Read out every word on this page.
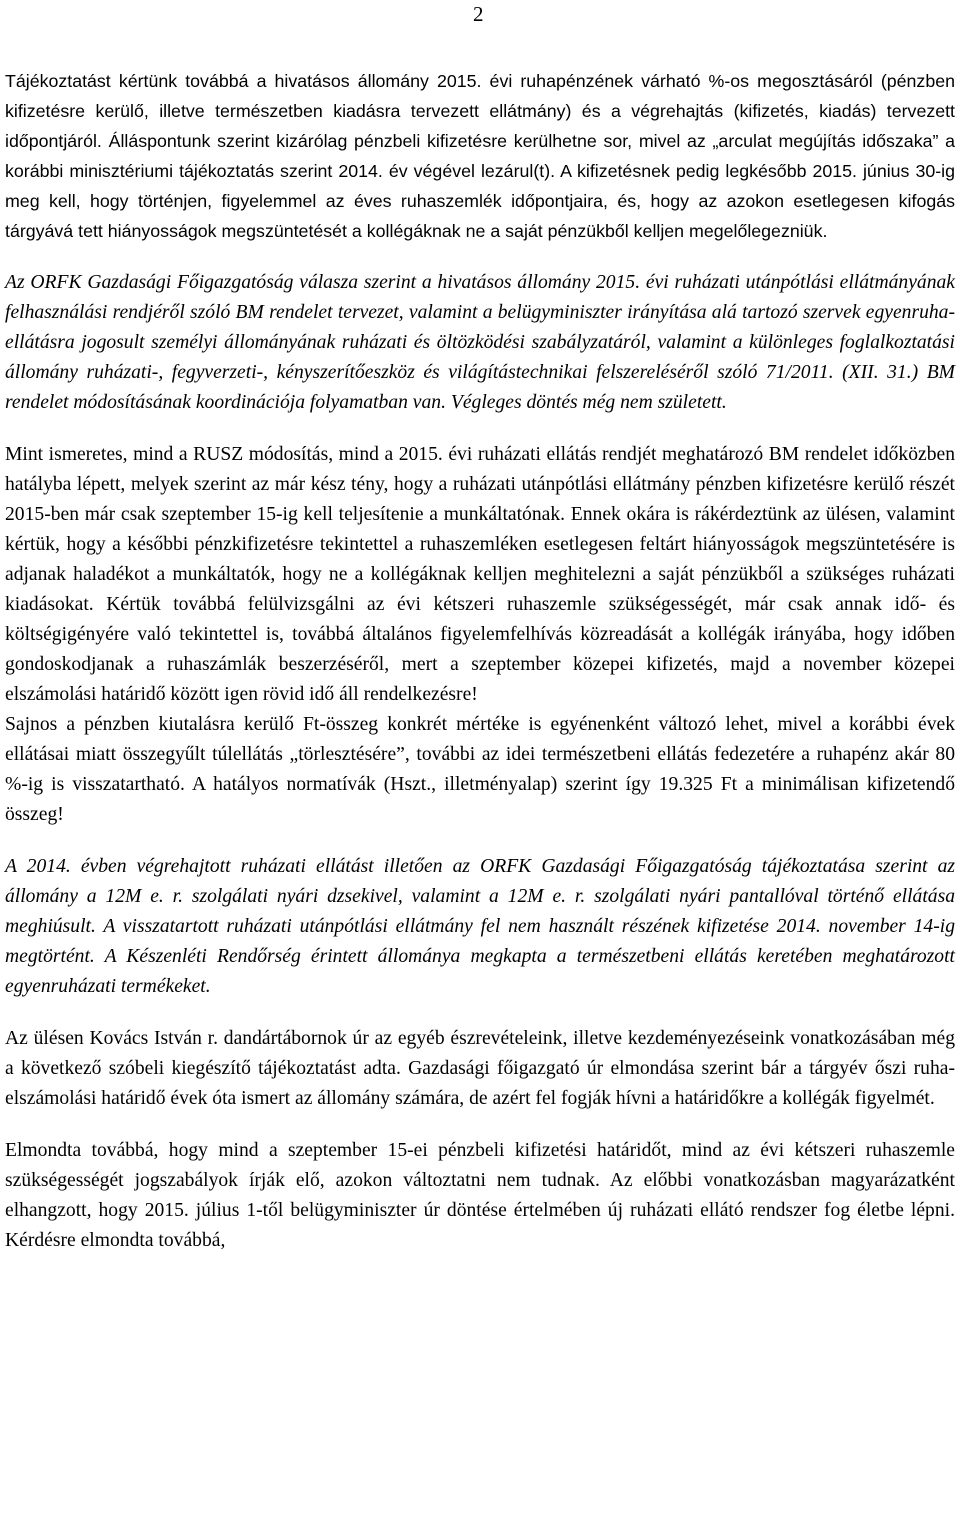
2

Tájékoztatást kértünk továbbá a hivatásos állomány 2015. évi ruhapénzének várható %-os megosztásáról (pénzben kifizetésre kerülő, illetve természetben kiadásra tervezett ellátmány) és a végrehajtás (kifizetés, kiadás) tervezett időpontjáról. Álláspontunk szerint kizárólag pénzbeli kifizetésre kerülhetne sor, mivel az „arculat megújítás időszaka” a korábbi minisztériumi tájékoztatás szerint 2014. év végével lezárul(t). A kifizetésnek pedig legkésőbb 2015. június 30-ig meg kell, hogy történjen, figyelemmel az éves ruhaszemlék időpontjaira, és, hogy az azokon esetlegesen kifogás tárgyává tett hiányosságok megszüntetését a kollégáknak ne a saját pénzükből kelljen megelőlegezniük.

Az ORFK Gazdasági Főigazgatóság válasza szerint a hivatásos állomány 2015. évi ruházati utánpótlási ellátmányának felhasználási rendjéről szóló BM rendelet tervezet, valamint a belügyminiszter irányítása alá tartozó szervek egyenruha-ellátásra jogosult személyi állományának ruházati és öltözködési szabályzatáról, valamint a különleges foglalkoztatási állomány ruházati-, fegyverzeti-, kényszerítőeszköz és világítástechnikai felszereléséről szóló 71/2011. (XII. 31.) BM rendelet módosításának koordinációja folyamatban van. Végleges döntés még nem született.

Mint ismeretes, mind a RUSZ módosítás, mind a 2015. évi ruházati ellátás rendjét meghatározó BM rendelet időközben hatályba lépett, melyek szerint az már kész tény, hogy a ruházati utánpótlási ellátmány pénzben kifizetésre kerülő részét 2015-ben már csak szeptember 15-ig kell teljesítenie a munkáltatónak. Ennek okára is rákérdeztünk az ülésen, valamint kértük, hogy a későbbi pénzkifizetésre tekintettel a ruhaszemléken esetlegesen feltárt hiányosságok megszüntetésére is adjanak haladékot a munkáltatók, hogy ne a kollégáknak kelljen meghitelezni a saját pénzükből a szükséges ruházati kiadásokat. Kértük továbbá felülvizsgálni az évi kétszeri ruhaszemle szükségességét, már csak annak idő- és költségigényére való tekintettel is, továbbá általános figyelemfelhívás közreadását a kollégák irányába, hogy időben gondoskodjanak a ruhaszámlák beszerzéséről, mert a szeptember közepei kifizetés, majd a november közepei elszámolási határidő között igen rövid idő áll rendelkezésre!

Sajnos a pénzben kiutalásra kerülő Ft-összeg konkrét mértéke is egyénenként változó lehet, mivel a korábbi évek ellátásai miatt összegyűlt túlellátás „törlesztésére”, további az idei természetbeni ellátás fedezetére a ruhapénz akár 80 %-ig is visszatartható. A hatályos normatívák (Hszt., illetményalap) szerint így 19.325 Ft a minimálisan kifizetendő összeg!

A 2014. évben végrehajtott ruházati ellátást illetően az ORFK Gazdasági Főigazgatóság tájékoztatása szerint az állomány a 12M e. r. szolgálati nyári dzsekivel, valamint a 12M e. r. szolgálati nyári pantallóval történő ellátása meghiúsult. A visszatartott ruházati utánpótlási ellátmány fel nem használt részének kifizetése 2014. november 14-ig megtörtént. A Készenléti Rendőrség érintett állománya megkapta a természetbeni ellátás keretében meghatározott egyenruházati termékeket.

Az ülésen Kovács István r. dandártábornok úr az egyéb észrevételeink, illetve kezdeményezéseink vonatkozásában még a következő szóbeli kiegészítő tájékoztatást adta. Gazdasági főigazgató úr elmondása szerint bár a tárgyév őszi ruha-elszámolási határidő évek óta ismert az állomány számára, de azért fel fogják hívni a határidőkre a kollégák figyelmét.

Elmondta továbbá, hogy mind a szeptember 15-ei pénzbeli kifizetési határidőt, mind az évi kétszeri ruhaszemle szükségességét jogszabályok írják elő, azokon változtatni nem tudnak. Az előbbi vonatkozásban magyarázatként elhangzott, hogy 2015. július 1-től belügyminiszter úr döntése értelmében új ruházati ellátó rendszer fog életbe lépni. Kérdésre elmondta továbbá,
